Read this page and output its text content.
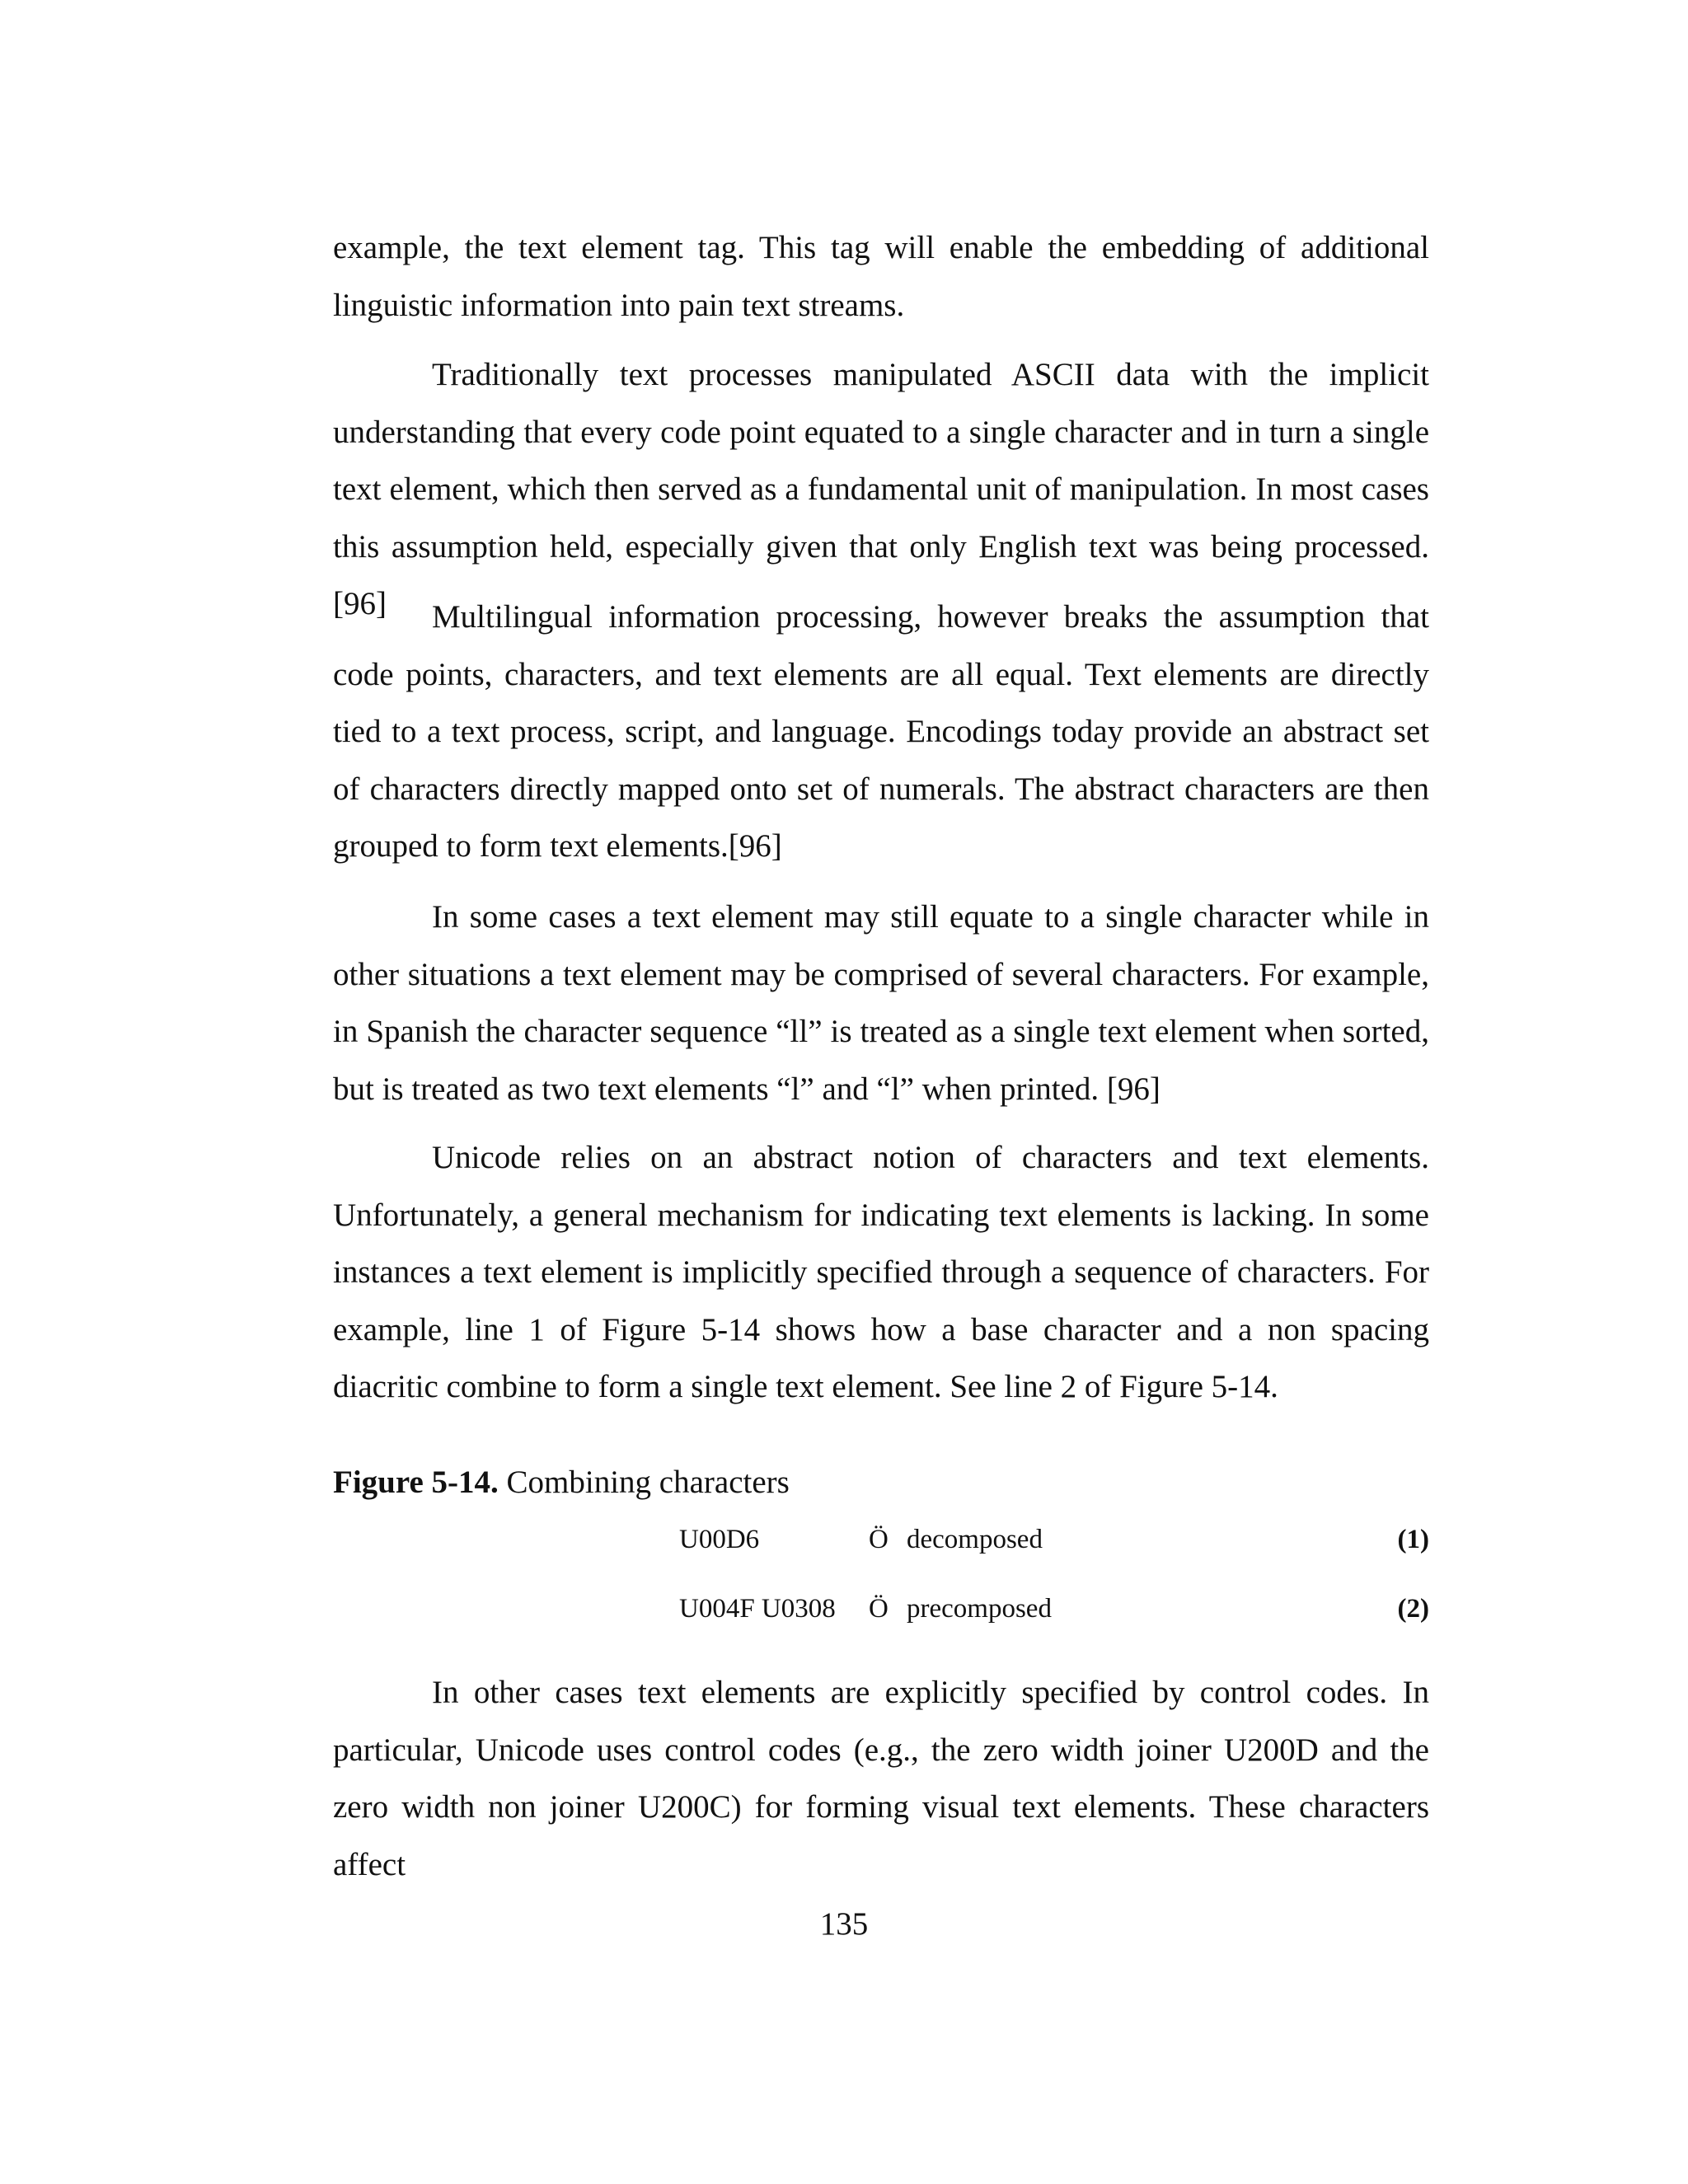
example, the text element tag. This tag will enable the embedding of additional linguistic information into pain text streams.

Traditionally text processes manipulated ASCII data with the implicit understanding that every code point equated to a single character and in turn a single text element, which then served as a fundamental unit of manipulation. In most cases this assumption held, especially given that only English text was being processed. [96]	Multilingual information processing, however breaks the assumption that code points, characters, and text elements are all equal. Text elements are directly tied to a text process, script, and language. Encodings today provide an abstract set of characters directly mapped onto set of numerals. The abstract characters are then grouped to form text elements.[96]

In some cases a text element may still equate to a single character while in other situations a text element may be comprised of several characters. For example, in Spanish the character sequence “ll” is treated as a single text element when sorted, but is treated as two text elements “l” and “l” when printed. [96]

Unicode relies on an abstract notion of characters and text elements. Unfortunately, a general mechanism for indicating text elements is lacking. In some instances a text element is implicitly specified through a sequence of characters. For example, line 1 of Figure 5-14 shows how a base character and a non spacing diacritic combine to form a single text element. See line 2 of Figure 5-14.

Figure 5-14. Combining characters

U00D6	Ö decomposed	(1)
U004F U0308 Ö precomposed	(2)

In other cases text elements are explicitly specified by control codes. In particular, Unicode uses control codes (e.g., the zero width joiner U200D and the zero width non joiner U200C) for forming visual text elements. These characters affect

135
